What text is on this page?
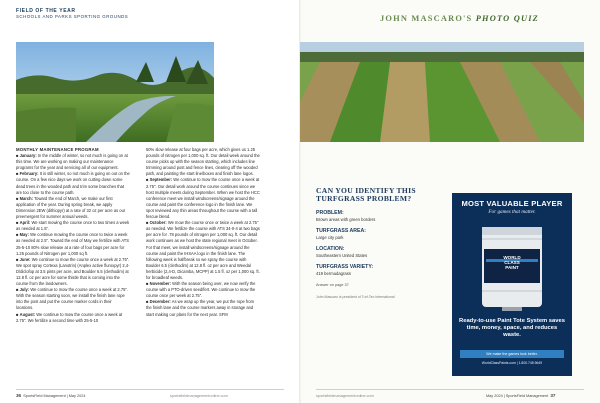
FIELD OF THE YEAR
SCHOOLS AND PARKS SPORTING GROUNDS	JOHN MASCARO'S PHOTO QUIZ

MONTHLY MAINTENANCE PROGRAM

■ January: In the middle of winter, so not much is going on at this time. We are working on making our maintenance programs for the year and servicing all of our equipment.

■ February: It is still winter, so not much is going on out on the course. On a few nice days we work on cutting down some dead trees in the wooded path and trim some branches that are too close to the course path.

■ March: Toward the end of March, we make our first application of the year. During spring break, we apply Dimension 2EW (dithiopyr) at a rate of 32 oz per acre as our preemergent for summer annual weeds.

■ April: We start mowing the course once to two times a week as needed at 1.5".

■ May: We continue mowing the course once to twice a week as needed at 2.5". Toward the end of May we fertilize with ATS 25-5-10 80% slow release at a rate of four bags per acre for 1.25 pounds of Nitrogen per 1,000 sq ft.

■ June: We continue to mow the course once a week at 2.75". We spot spray Cortexa (Lanotrin) (Anplex active fluroxpyr) 2,4-D/diclofop at 3.5 pints per acre, and Boulder 6.5 (clethodim) at 12.8 fl. oz per acre for some thistle that is coming into the course from the landowners.

■ July: We continue to mow the course once a week at 2.75". With the season starting soon, we install the finish lane rope into the post and put the course marker cords in their locations.

■ August: We continue to mow the course once a week at 2.75". We fertilize a second time with 25-5-10

50% slow release at four bags per acre, which gives us 1.25 pounds of nitrogen per 1,000 sq. ft. Our detail week around the course picks up with the season starting, which includes line trimming around post and fence lines, clearing off the wooded path, and painting the start line/boxes and finish lane logos.

■ September: We continue to mow the course once a week at 2.75". Our detail work around the course continues since we host multiple meets during September. When we host the HCC conference meet we install windscreens/signage around the course and paint the conference logo in the finish lane. We spot reviewed any thin areas throughout the course with a tall fescue blend.

■ October: We mow the course once or twice a week at 2.75" as needed. We fertilize the course with ATS 34-0-4 at two bags per acre for .78 pounds of nitrogen per 1,000 sq. ft. Our detail work continues as we host the state regional meet in October. For that meet, we install windscreens/signage around the course and paint the IHSAA logo in the finish lane. The following week is halfbreak so we spray the course with Boulder 6.5 (clethodim) at 12.8 fl. oz per acre and Weedal herbicide (2,4-D, Dicamba, MCPP) at 1.5 fl. oz per 1,000 sq. ft. for broadleaf weeds.

■ November: With the season being over, we now verify the course with a PTO-driven seed/fert. We continue to mow the course once per week at 2.75".

■ December: As we wrap up the year, we put the rope from the finish lane and the course markers away in storage and start making our plans for the next year. SFM

CAN YOU IDENTIFY THIS TURFGRASS PROBLEM?
PROBLEM:
Brown areas with green borders
TURFGRASS AREA:
Large city park
LOCATION:
Southeastern United States
TURFGRASS VARIETY:
419 bermudagrass
Answer on page 37
John Mascaro is president of Turf-Tec International
MOST VALUABLE PLAYER
For games that matter.
WORLD
CLASS
PAINT
Ready-to-use Paint Tote System saves time, money, space, and reduces waste.
We make the games look better.
WorldClassPaints.com | 1.800.748.9649
36 SportsField Management | May 2024	sportsfieldmanagementonline.com	sportsfieldmanagementonline.com	May 2024 | SportsField Management 37
